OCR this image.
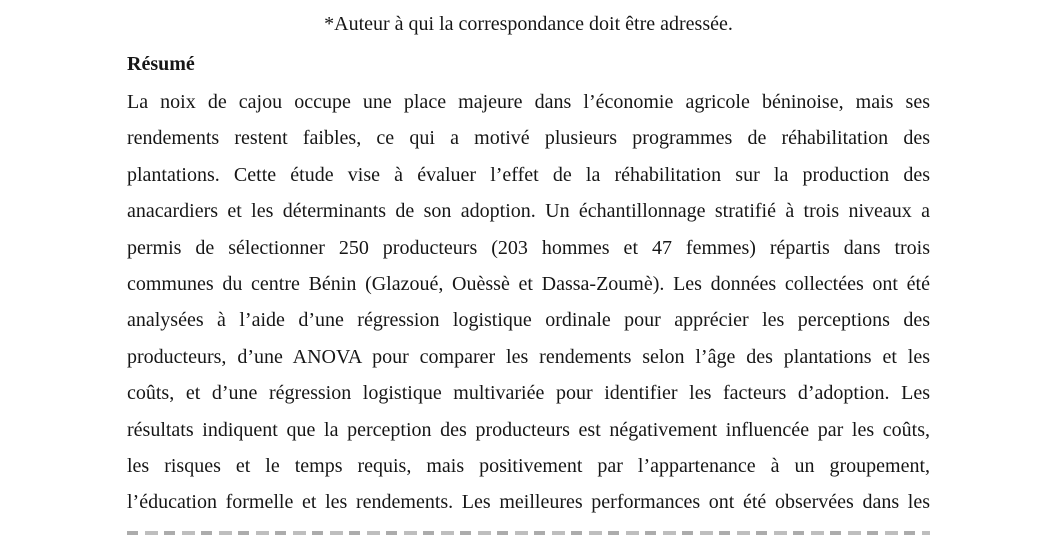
*Auteur à qui la correspondance doit être adressée.
Résumé
La noix de cajou occupe une place majeure dans l’économie agricole béninoise, mais ses
rendements restent faibles, ce qui a motivé plusieurs programmes de réhabilitation des
plantations. Cette étude vise à évaluer l’effet de la réhabilitation sur la production des
anacardiers et les déterminants de son adoption. Un échantillonnage stratifié à trois niveaux a
permis de sélectionner 250 producteurs (203 hommes et 47 femmes) répartis dans trois
communes du centre Bénin (Glazoué, Ouèssè et Dassa-Zoumè). Les données collectées ont été
analysées à l’aide d’une régression logistique ordinale pour apprécier les perceptions des
producteurs, d’une ANOVA pour comparer les rendements selon l’âge des plantations et les
coûts, et d’une régression logistique multivariée pour identifier les facteurs d’adoption. Les
résultats indiquent que la perception des producteurs est négativement influencée par les coûts,
les risques et le temps requis, mais positivement par l’appartenance à un groupement,
l’éducation formelle et les rendements. Les meilleures performances ont été observées dans les
